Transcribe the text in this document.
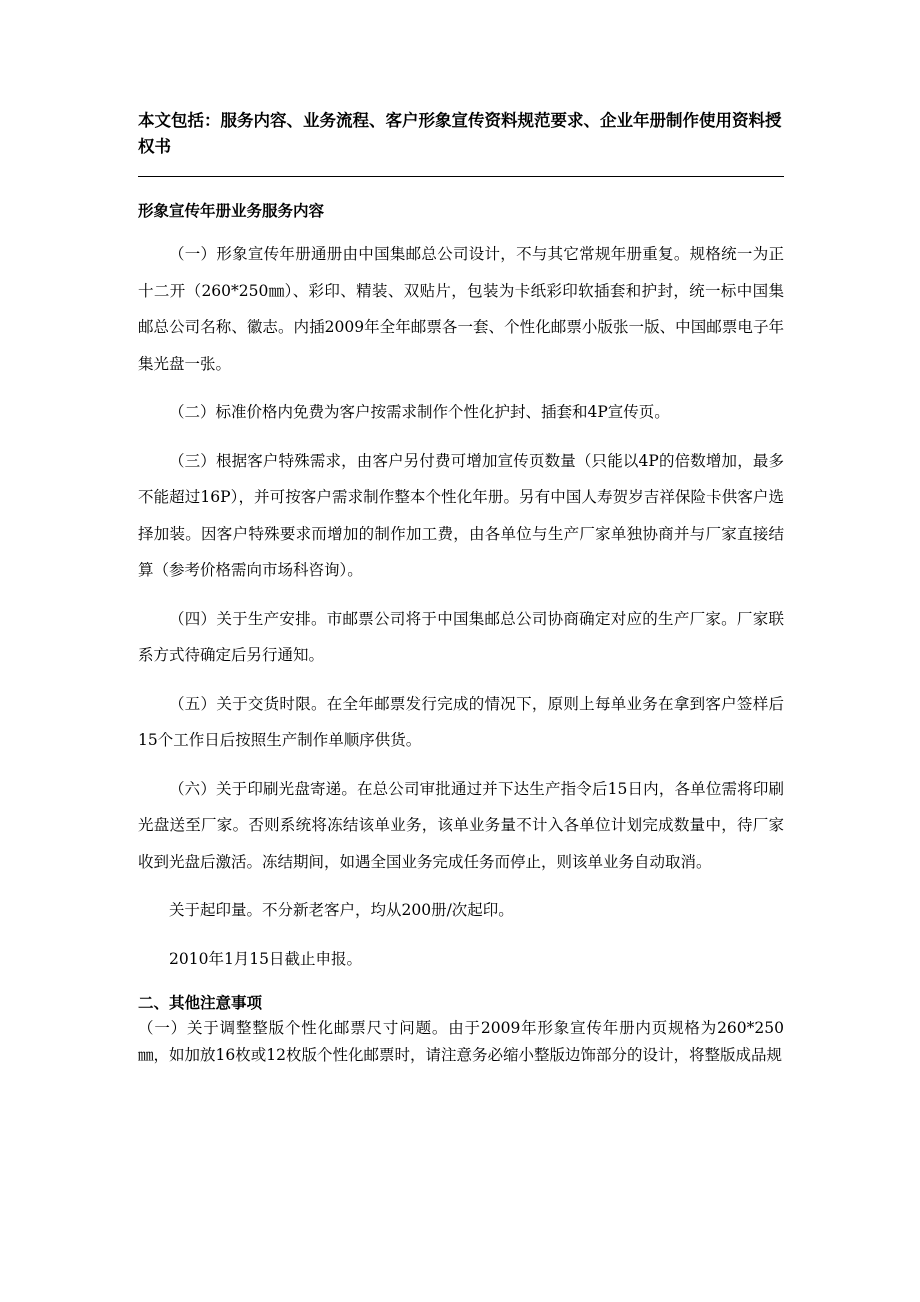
本文包括：服务内容、业务流程、客户形象宣传资料规范要求、企业年册制作使用资料授权书

形象宣传年册业务服务内容

（一）形象宣传年册通册由中国集邮总公司设计，不与其它常规年册重复。规格统一为正十二开（260*250㎜）、彩印、精装、双贴片，包装为卡纸彩印软插套和护封，统一标中国集邮总公司名称、徽志。内插2009年全年邮票各一套、个性化邮票小版张一版、中国邮票电子年集光盘一张。

（二）标准价格内免费为客户按需求制作个性化护封、插套和4P宣传页。

（三）根据客户特殊需求，由客户另付费可增加宣传页数量（只能以4P的倍数增加，最多不能超过16P），并可按客户需求制作整本个性化年册。另有中国人寿贺岁吉祥保险卡供客户选择加装。因客户特殊要求而增加的制作加工费，由各单位与生产厂家单独协商并与厂家直接结算（参考价格需向市场科咨询）。

（四）关于生产安排。市邮票公司将于中国集邮总公司协商确定对应的生产厂家。厂家联系方式待确定后另行通知。

（五）关于交货时限。在全年邮票发行完成的情况下，原则上每单业务在拿到客户签样后15个工作日后按照生产制作单顺序供货。

（六）关于印刷光盘寄递。在总公司审批通过并下达生产指令后15日内，各单位需将印刷光盘送至厂家。否则系统将冻结该单业务，该单业务量不计入各单位计划完成数量中，待厂家收到光盘后激活。冻结期间，如遇全国业务完成任务而停止，则该单业务自动取消。

关于起印量。不分新老客户，均从200册/次起印。

2010年1月15日截止申报。

二、其他注意事项

（一）关于调整整版个性化邮票尺寸问题。由于2009年形象宣传年册内页规格为260*250㎜，如加放16枚或12枚版个性化邮票时，请注意务必缩小整版边饰部分的设计，将整版成品规
